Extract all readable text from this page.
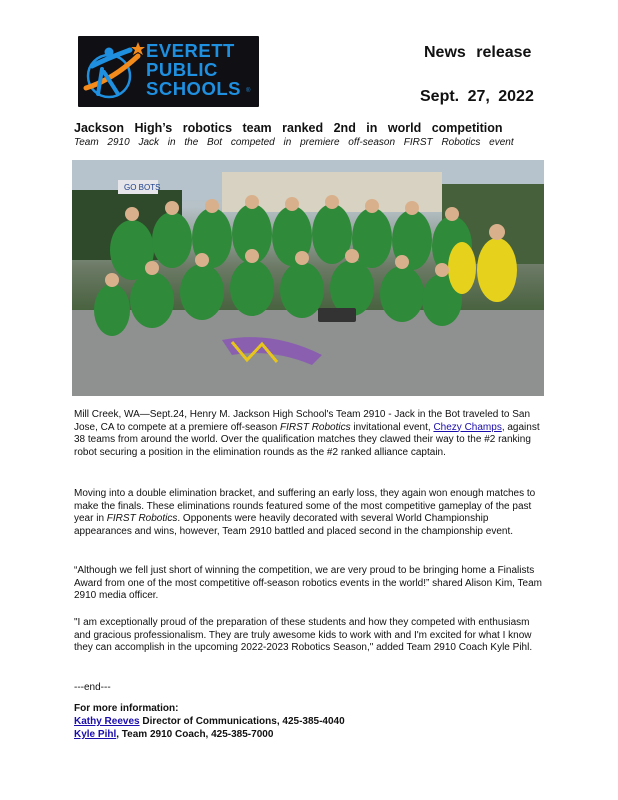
EVERETT
PUBLIC
SCHOOLS ®
News release
Sept. 27, 2022
Jackson High’s robotics team ranked 2nd in world competition
Team 2910 Jack in the Bot competed in premiere off-season FIRST Robotics event
GO BOTS

Mill Creek, WA—Sept.24, Henry M. Jackson High School's Team 2910 - Jack in the Bot traveled to San Jose, CA to compete at a premiere off-season FIRST Robotics invitational event, Chezy Champs, against 38 teams from around the world. Over the qualification matches they clawed their way to the #2 ranking robot securing a position in the elimination rounds as the #2 ranked alliance captain.

Moving into a double elimination bracket, and suffering an early loss, they again won enough matches to make the finals. These eliminations rounds featured some of the most competitive gameplay of the past year in FIRST Robotics. Opponents were heavily decorated with several World Championship appearances and wins, however, Team 2910 battled and placed second in the championship event.

“Although we fell just short of winning the competition, we are very proud to be bringing home a Finalists Award from one of the most competitive off-season robotics events in the world!” shared Alison Kim, Team 2910 media officer.

"I am exceptionally proud of the preparation of these students and how they competed with enthusiasm and gracious professionalism. They are truly awesome kids to work with and I'm excited for what I know they can accomplish in the upcoming 2022-2023 Robotics Season," added Team 2910 Coach Kyle Pihl.

---end---

For more information:
Kathy Reeves Director of Communications, 425-385-4040
Kyle Pihl, Team 2910 Coach, 425-385-7000
